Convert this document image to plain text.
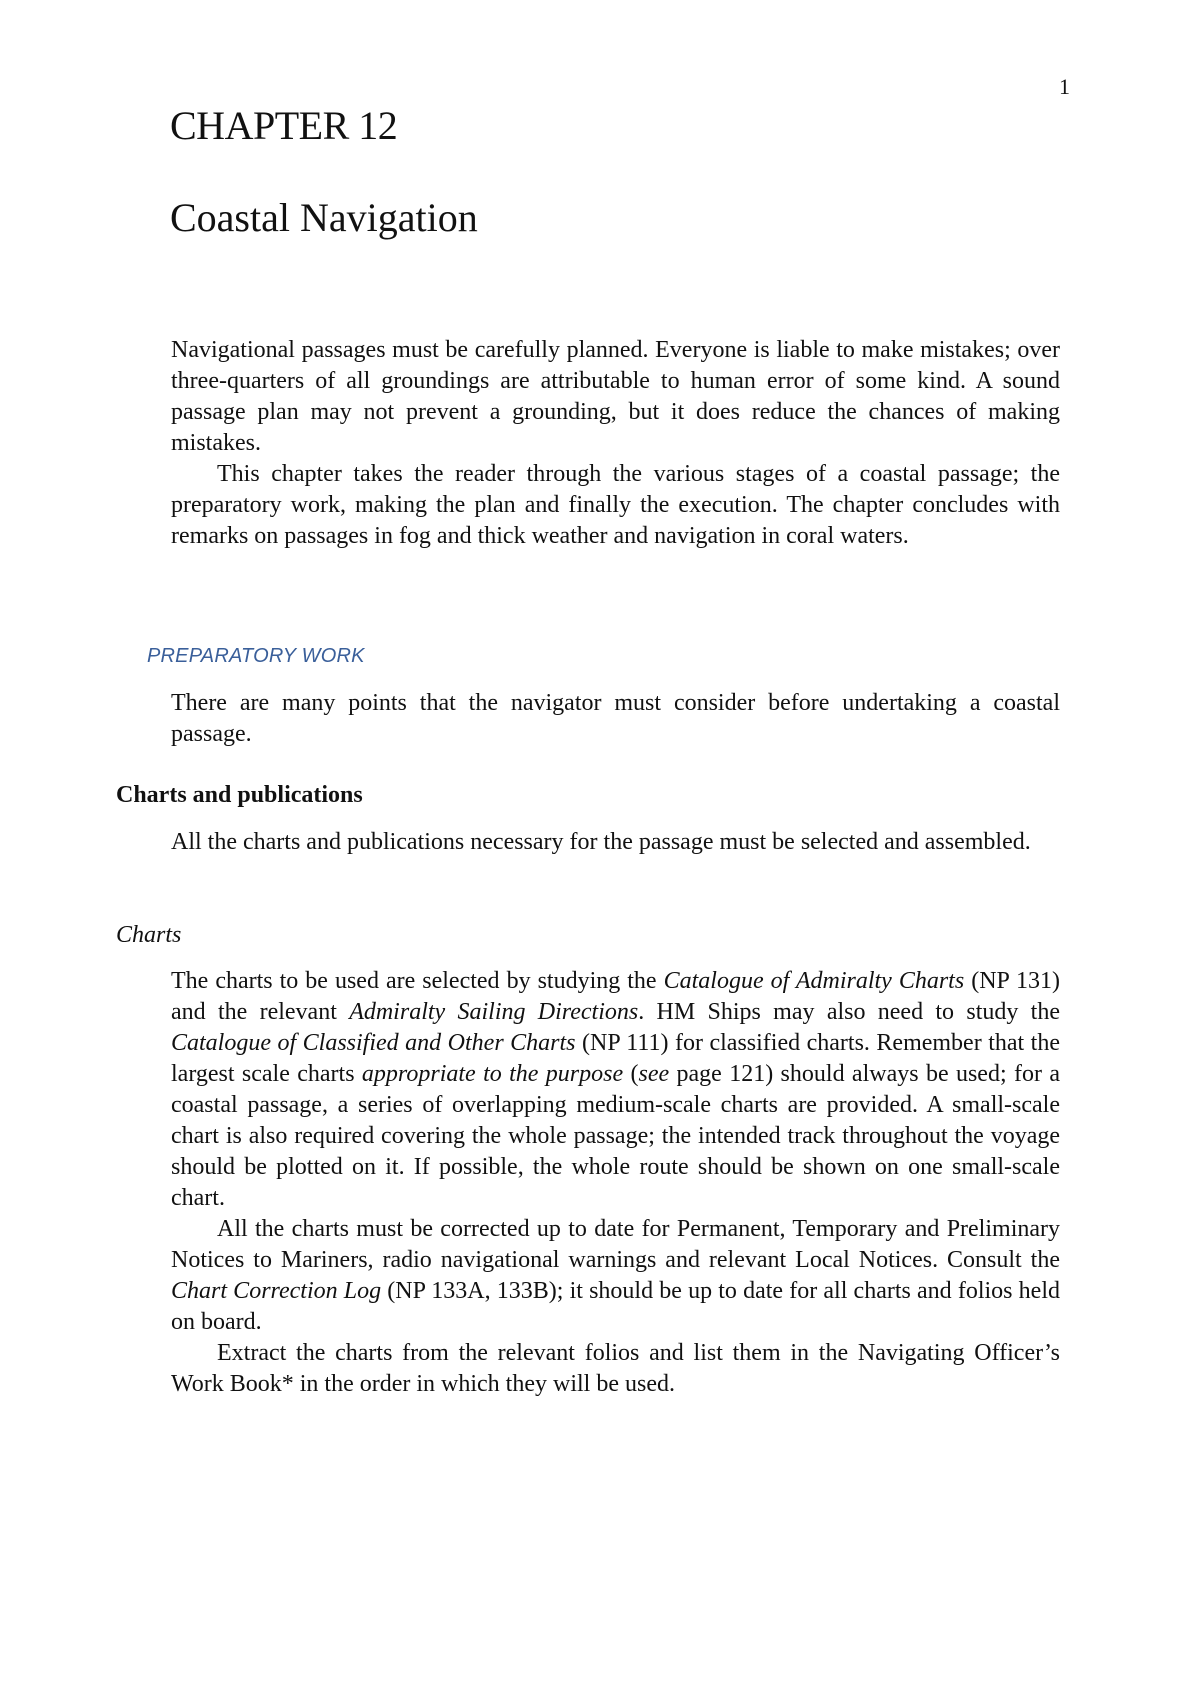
1
CHAPTER 12
Coastal Navigation
Navigational passages must be carefully planned. Everyone is liable to make mistakes; over three-quarters of all groundings are attributable to human error of some kind. A sound passage plan may not prevent a grounding, but it does reduce the chances of making mistakes.
This chapter takes the reader through the various stages of a coastal passage; the preparatory work, making the plan and finally the execution. The chapter concludes with remarks on passages in fog and thick weather and navigation in coral waters.
PREPARATORY WORK
There are many points that the navigator must consider before undertaking a coastal passage.
Charts and publications
All the charts and publications necessary for the passage must be selected and assembled.
Charts
The charts to be used are selected by studying the Catalogue of Admiralty Charts (NP 131) and the relevant Admiralty Sailing Directions. HM Ships may also need to study the Catalogue of Classified and Other Charts (NP 111) for classified charts. Remember that the largest scale charts appropriate to the purpose (see page 121) should always be used; for a coastal passage, a series of overlapping medium-scale charts are provided. A small-scale chart is also required covering the whole passage; the intended track throughout the voyage should be plotted on it. If possible, the whole route should be shown on one small-scale chart.
All the charts must be corrected up to date for Permanent, Temporary and Preliminary Notices to Mariners, radio navigational warnings and relevant Local Notices. Consult the Chart Correction Log (NP 133A, 133B); it should be up to date for all charts and folios held on board.
Extract the charts from the relevant folios and list them in the Navigating Officer’s Work Book* in the order in which they will be used.
